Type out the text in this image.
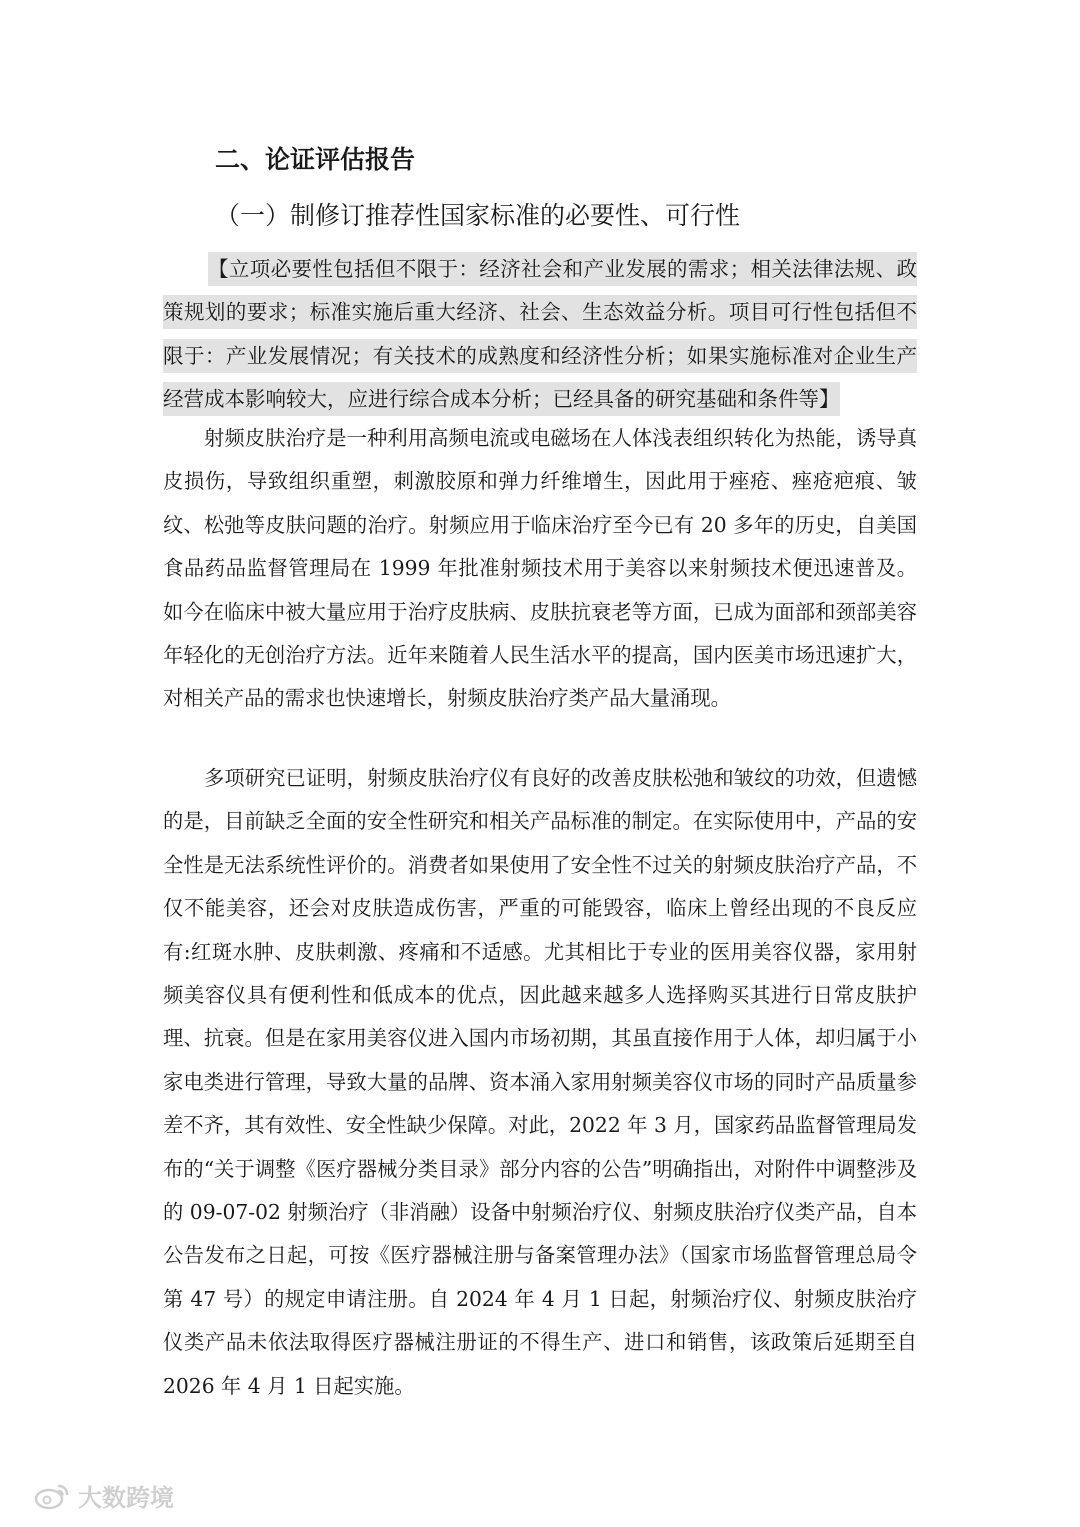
二、论证评估报告
（一）制修订推荐性国家标准的必要性、可行性

【立项必要性包括但不限于：经济社会和产业发展的需求；相关法律法规、政策规划的要求；标准实施后重大经济、社会、生态效益分析。项目可行性包括但不限于：产业发展情况；有关技术的成熟度和经济性分析；如果实施标准对企业生产经营成本影响较大，应进行综合成本分析；已经具备的研究基础和条件等】

射频皮肤治疗是一种利用高频电流或电磁场在人体浅表组织转化为热能，诱导真皮损伤，导致组织重塑，刺激胶原和弹力纤维增生，因此用于痤疮、痤疮疤痕、皱纹、松弛等皮肤问题的治疗。射频应用于临床治疗至今已有 20 多年的历史，自美国食品药品监督管理局在 1999 年批准射频技术用于美容以来射频技术便迅速普及。如今在临床中被大量应用于治疗皮肤病、皮肤抗衰老等方面，已成为面部和颈部美容年轻化的无创治疗方法。近年来随着人民生活水平的提高，国内医美市场迅速扩大，对相关产品的需求也快速增长，射频皮肤治疗类产品大量涌现。

多项研究已证明，射频皮肤治疗仪有良好的改善皮肤松弛和皱纹的功效，但遗憾的是，目前缺乏全面的安全性研究和相关产品标准的制定。在实际使用中，产品的安全性是无法系统性评价的。消费者如果使用了安全性不过关的射频皮肤治疗产品，不仅不能美容，还会对皮肤造成伤害，严重的可能毁容，临床上曾经出现的不良反应有:红斑水肿、皮肤刺激、疼痛和不适感。尤其相比于专业的医用美容仪器，家用射频美容仪具有便利性和低成本的优点，因此越来越多人选择购买其进行日常皮肤护理、抗衰。但是在家用美容仪进入国内市场初期，其虽直接作用于人体，却归属于小家电类进行管理，导致大量的品牌、资本涌入家用射频美容仪市场的同时产品质量参差不齐，其有效性、安全性缺少保障。对此，2022 年 3 月，国家药品监督管理局发布的“关于调整《医疗器械分类目录》部分内容的公告”明确指出，对附件中调整涉及的 09-07-02 射频治疗（非消融）设备中射频治疗仪、射频皮肤治疗仪类产品，自本公告发布之日起，可按《医疗器械注册与备案管理办法》（国家市场监督管理总局令第 47 号）的规定申请注册。自 2024 年 4 月 1 日起，射频治疗仪、射频皮肤治疗仪类产品未依法取得医疗器械注册证的不得生产、进口和销售，该政策后延期至自 2026 年 4 月 1 日起实施。

大数跨境
